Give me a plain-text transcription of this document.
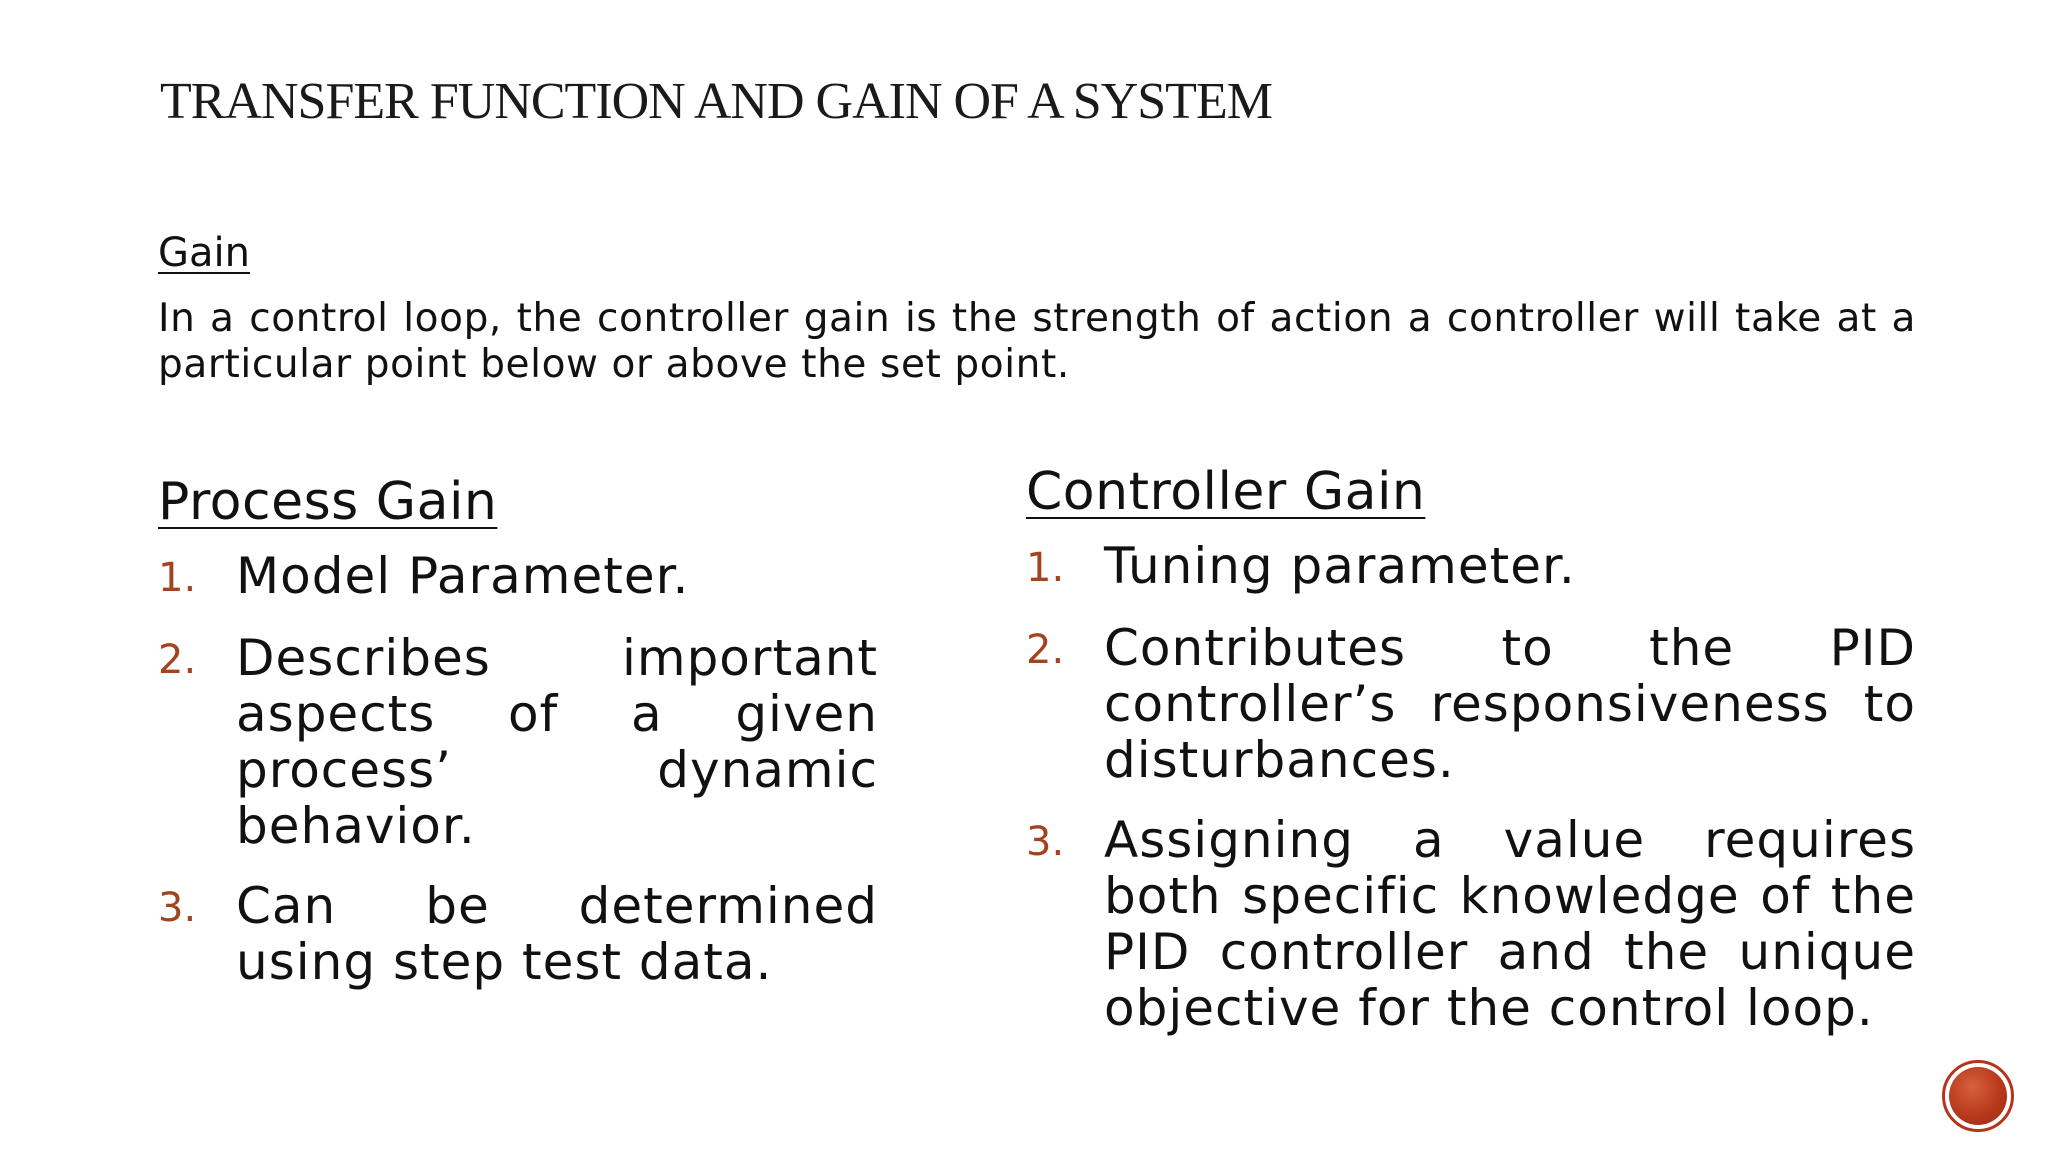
TRANSFER FUNCTION AND GAIN OF A SYSTEM
Gain
In a control loop, the controller gain is the strength of action a controller will take at a particular point below or above the set point.
Process Gain
1. Model Parameter.
2. Describes important aspects of a given process’ dynamic behavior.
3. Can be determined using step test data.
Controller Gain
1. Tuning parameter.
2. Contributes to the PID controller’s responsiveness to disturbances.
3. Assigning a value requires both specific knowledge of the PID controller and the unique objective for the control loop.
